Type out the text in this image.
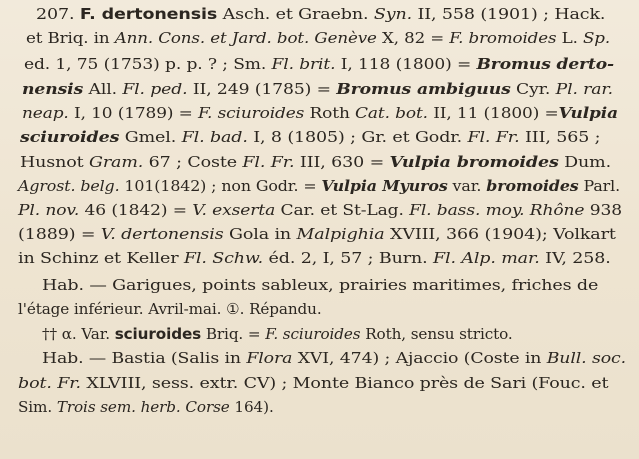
207. F. dertonensis Asch. et Graebn. Syn. II, 558 (1901) ; Hack.
et Briq. in Ann. Cons. et Jard. bot. Genève X, 82 = F. bromoides L. Sp.
ed. 1, 75 (1753) p. p. ? ; Sm. Fl. brit. I, 118 (1800) = Bromus derto-
nensis All. Fl. ped. II, 249 (1785) = Bromus ambiguus Cyr. Pl. rar.
neap. I, 10 (1789) = F. sciuroides Roth Cat. bot. II, 11 (1800) =Vulpia
sciuroides Gmel. Fl. bad. I, 8 (1805) ; Gr. et Godr. Fl. Fr. III, 565 ;
Husnot Gram. 67 ; Coste Fl. Fr. III, 630 = Vulpia bromoides Dum.
Agrost. belg. 101(1842) ; non Godr. = Vulpia Myuros var. bromoides Parl.
Pl. nov. 46 (1842) = V. exserta Car. et St-Lag. Fl. bass. moy. Rhône 938
(1889) = V. dertonensis Gola in Malpighia XVIII, 366 (1904); Volkart
in Schinz et Keller Fl. Schw. éd. 2, I, 57 ; Burn. Fl. Alp. mar. IV, 258.
Hab. — Garigues, points sableux, prairies maritimes, friches de
l'étage inférieur. Avril-mai. ①. Répandu.
†† α. Var. sciuroides Briq. = F. sciuroides Roth, sensu stricto.
Hab. — Bastia (Salis in Flora XVI, 474) ; Ajaccio (Coste in Bull. soc.
bot. Fr. XLVIII, sess. extr. CV) ; Monte Bianco près de Sari (Fouc. et
Sim. Trois sem. herb. Corse 164).
